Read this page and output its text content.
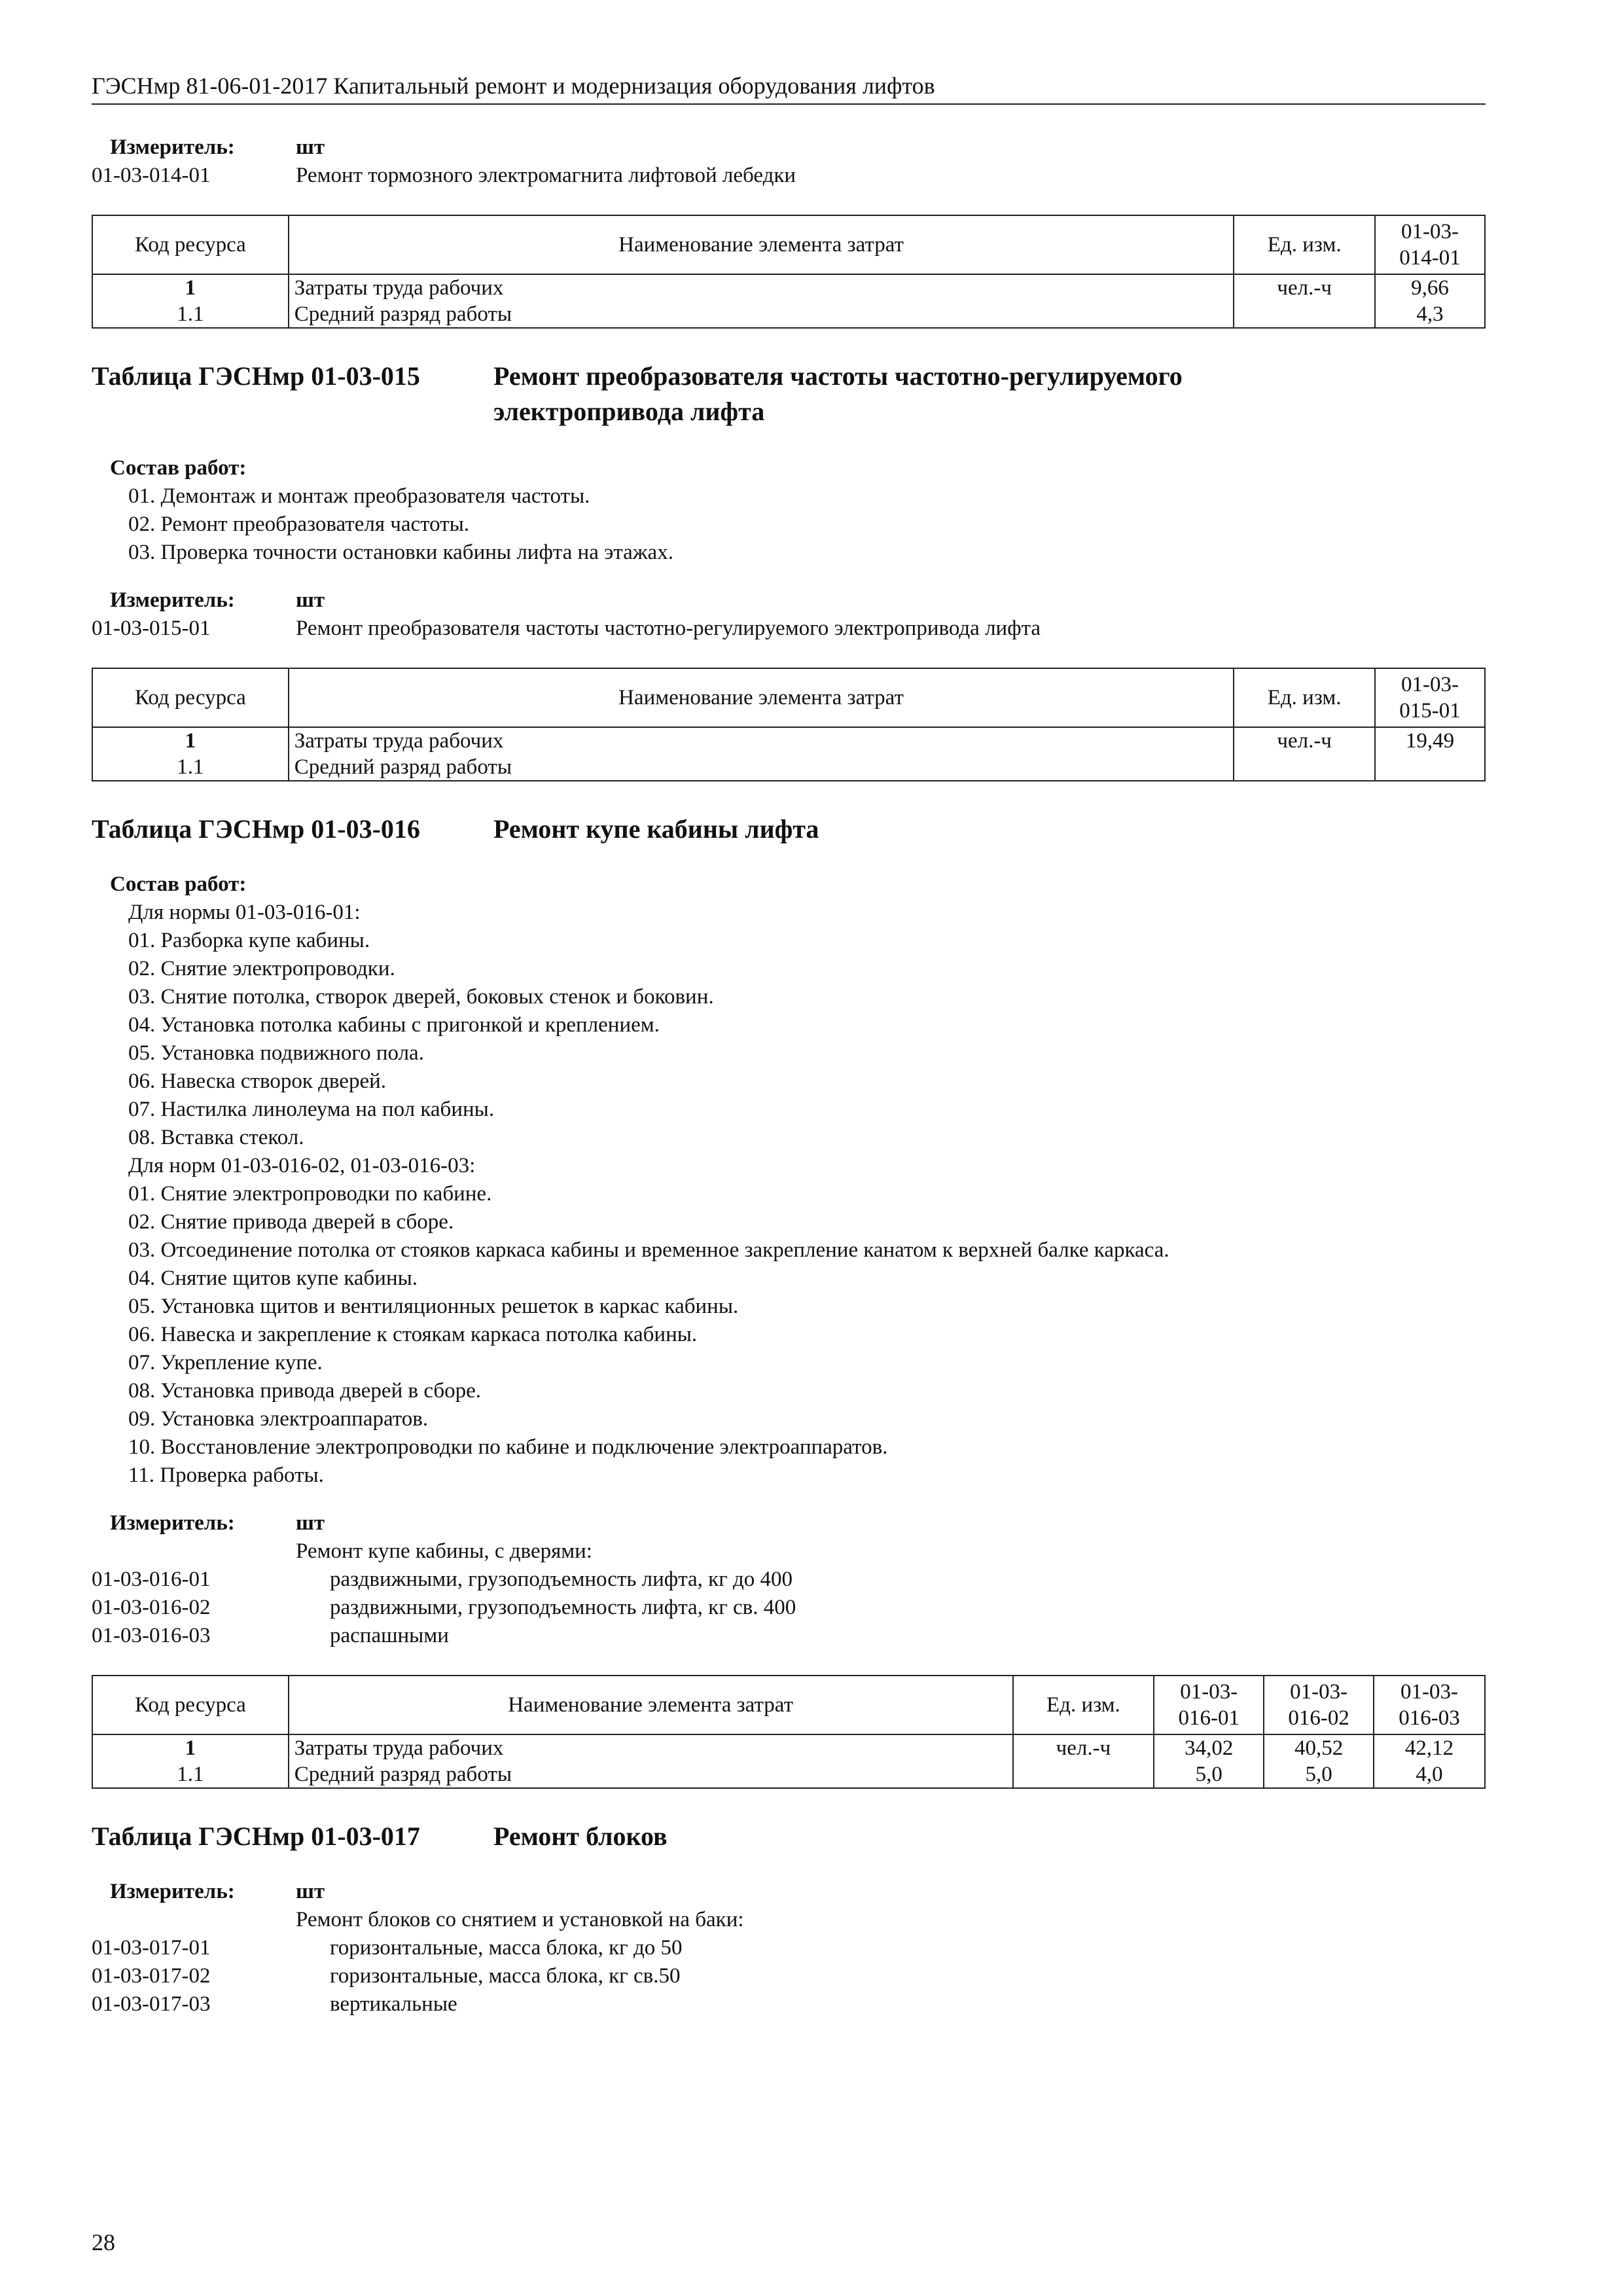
ГЭСНмр 81-06-01-2017 Капитальный ремонт и модернизация оборудования лифтов
Измеритель:	шт
01-03-014-01	Ремонт тормозного электромагнита лифтовой лебедки
Код ресурса	Наименование элемента затрат	Ед. изм.	01-03-
014-01
1	Затраты труда рабочих	чел.-ч	9,66
1.1	Средний разряд работы		4,3
Таблица ГЭСНмр 01-03-015	Ремонт преобразователя частоты частотно-регулируемого
электропривода лифта
Состав работ:
01. Демонтаж и монтаж преобразователя частоты.
02. Ремонт преобразователя частоты.
03. Проверка точности остановки кабины лифта на этажах.
Измеритель:	шт
01-03-015-01	Ремонт преобразователя частоты частотно-регулируемого электропривода лифта
Код ресурса	Наименование элемента затрат	Ед. изм.	01-03-
015-01
1	Затраты труда рабочих	чел.-ч	19,49
1.1	Средний разряд работы		
Таблица ГЭСНмр 01-03-016	Ремонт купе кабины лифта
Состав работ:
Для нормы 01-03-016-01:
01. Разборка купе кабины.
02. Снятие электропроводки.
03. Снятие потолка, створок дверей, боковых стенок и боковин.
04. Установка потолка кабины с пригонкой и креплением.
05. Установка подвижного пола.
06. Навеска створок дверей.
07. Настилка линолеума на пол кабины.
08. Вставка стекол.
Для норм 01-03-016-02, 01-03-016-03:
01. Снятие электропроводки по кабине.
02. Снятие привода дверей в сборе.
03. Отсоединение потолка от стояков каркаса кабины и временное закрепление канатом к верхней балке каркаса.
04. Снятие щитов купе кабины.
05. Установка щитов и вентиляционных решеток в каркас кабины.
06. Навеска и закрепление к стоякам каркаса потолка кабины.
07. Укрепление купе.
08. Установка привода дверей в сборе.
09. Установка электроаппаратов.
10. Восстановление электропроводки по кабине и подключение электроаппаратов.
11. Проверка работы.
Измеритель:	шт
Ремонт купе кабины, с дверями:
01-03-016-01	раздвижными, грузоподъемность лифта, кг до 400
01-03-016-02	раздвижными, грузоподъемность лифта, кг св. 400
01-03-016-03	распашными
Код ресурса	Наименование элемента затрат	Ед. изм.	01-03-
016-01	01-03-
016-02	01-03-
016-03
1	Затраты труда рабочих	чел.-ч	34,02	40,52	42,12
1.1	Средний разряд работы		5,0	5,0	4,0
Таблица ГЭСНмр 01-03-017	Ремонт блоков
Измеритель:	шт
Ремонт блоков со снятием и установкой на баки:
01-03-017-01	горизонтальные, масса блока, кг до 50
01-03-017-02	горизонтальные, масса блока, кг св.50
01-03-017-03	вертикальные
28
